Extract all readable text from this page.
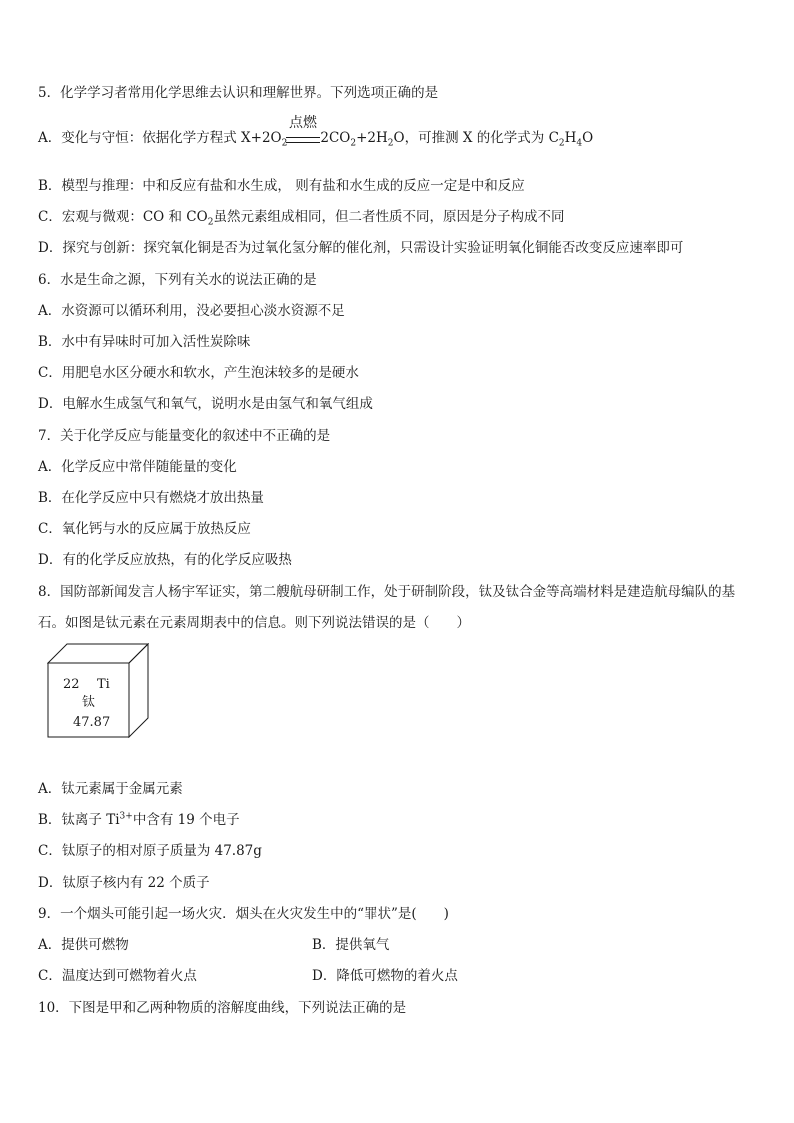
5．化学学习者常用化学思维去认识和理解世界。下列选项正确的是
点燃
A．变化与守恒：依据化学方程式 $X+2O_2$ $2CO_2+2H_2O$，可推测 X 的化学式为 $C_2H_4O$
B．模型与推理：中和反应有盐和水生成， 则有盐和水生成的反应一定是中和反应
C．宏观与微观：CO 和 $CO_2$虽然元素组成相同，但二者性质不同，原因是分子构成不同
D．探究与创新：探究氧化铜是否为过氧化氢分解的催化剂，只需设计实验证明氧化铜能否改变反应速率即可
6．水是生命之源，下列有关水的说法正确的是
A．水资源可以循环利用，没必要担心淡水资源不足
B．水中有异味时可加入活性炭除味
C．用肥皂水区分硬水和软水，产生泡沫较多的是硬水
D．电解水生成氢气和氧气，说明水是由氢气和氧气组成
7．关于化学反应与能量变化的叙述中不正确的是
A．化学反应中常伴随能量的变化
B．在化学反应中只有燃烧才放出热量
C．氧化钙与水的反应属于放热反应
D．有的化学反应放热，有的化学反应吸热
8．国防部新闻发言人杨宇军证实，第二艘航母研制工作，处于研制阶段，钛及钛合金等高端材料是建造航母编队的基
石。如图是钛元素在元素周期表中的信息。则下列说法错误的是（　　）
22 Ti
钛
47.87
A．钛元素属于金属元素
B．钛离子 $Ti^{3+}$中含有 19 个电子
C．钛原子的相对原子质量为 47.87g
D．钛原子核内有 22 个质子
9．一个烟头可能引起一场火灾．烟头在火灾发生中的“罪状”是(　　)
A．提供可燃物	B．提供氧气
C．温度达到可燃物着火点	D．降低可燃物的着火点
10．下图是甲和乙两种物质的溶解度曲线，下列说法正确的是
